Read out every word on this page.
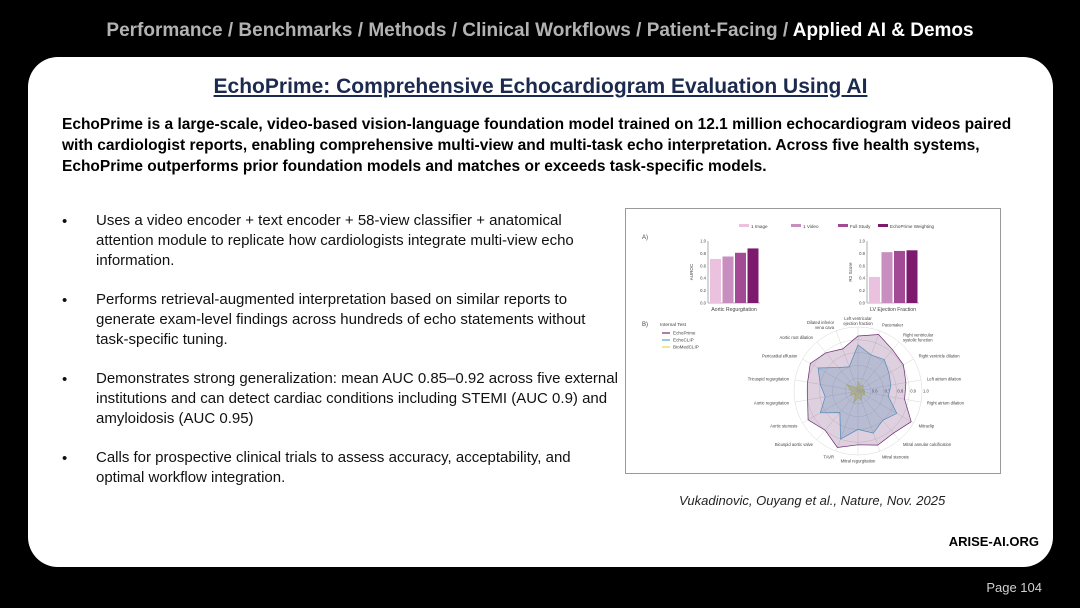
Performance / Benchmarks / Methods / Clinical Workflows / Patient-Facing / Applied AI & Demos
EchoPrime: Comprehensive Echocardiogram Evaluation Using AI
EchoPrime is a large-scale, video-based vision-language foundation model trained on 12.1 million echocardiogram videos paired with cardiologist reports, enabling comprehensive multi-view and multi-task echo interpretation. Across five health systems, EchoPrime outperforms prior foundation models and matches or exceeds task-specific models.
• Uses a video encoder + text encoder + 58-view classifier + anatomical attention module to replicate how cardiologists integrate multi-view echo information.
• Performs retrieval-augmented interpretation based on similar reports to generate exam-level findings across hundreds of echo statements without task-specific tuning.
• Demonstrates strong generalization: mean AUC 0.85–0.92 across five external institutions and can detect cardiac conditions including STEMI (AUC 0.9) and amyloidosis (AUC 0.95)
• Calls for prospective clinical trials to assess accuracy, acceptability, and optimal workflow integration.
A)
1 Image	1 Video	Full Study	EchoPrime Weighting
1.0
0.8
0.6
0.4
0.2
0.0
Aortic Regurgitation
AUROC
1.0
0.8
0.6
0.4
0.2
0.0
LV Ejection Fraction
R2 Score
B)	Internal Test
EchoPrime
EchoCLIP
BioMedCLIP
0.9 1.0
Left ventricular ejection fraction Pacemaker
Right ventricular systolic function
Right ventricle dilation
Left atrium dilation
Right atrium dilation
Mitraclip
Mitral annular calcification
Mitral stenosis
Mitral regurgitation
TAVR
Bicuspid aortic valve
Aortic stenosis
Aortic regurgitation
Tricuspid regurgitation
Pericardial effusion
Aortic root dilation
Dilated inferior vena cava
Vukadinovic, Ouyang et al., Nature, Nov. 2025
ARISE-AI.ORG
Page 104
